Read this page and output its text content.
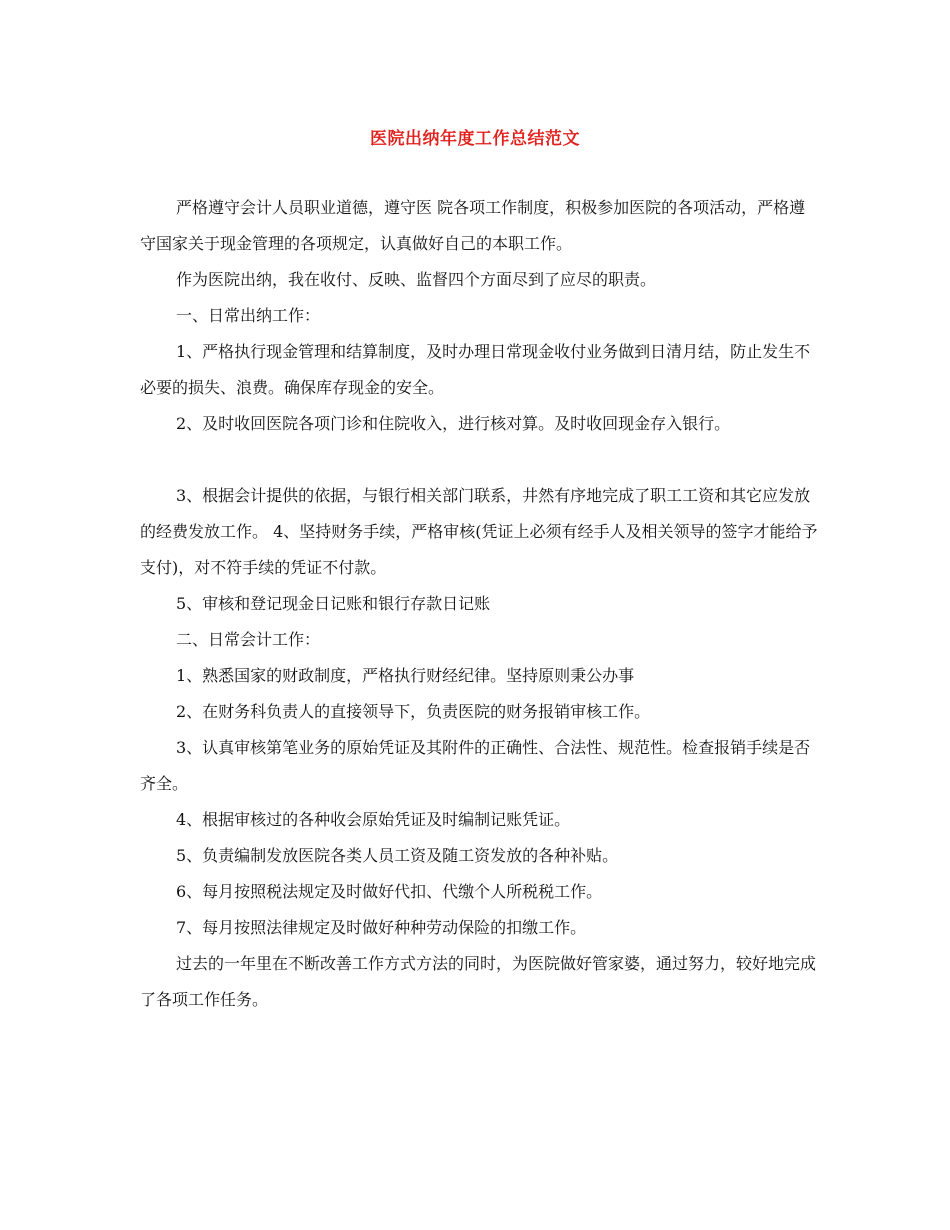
医院出纳年度工作总结范文

严格遵守会计人员职业道德，遵守医 院各项工作制度，积极参加医院的各项活动，严格遵守国家关于现金管理的各项规定，认真做好自己的本职工作。

作为医院出纳，我在收付、反映、监督四个方面尽到了应尽的职责。

一、日常出纳工作：

1、严格执行现金管理和结算制度，及时办理日常现金收付业务做到日清月结，防止发生不 必要的损失、浪费。确保库存现金的安全。

2、及时收回医院各项门诊和住院收入，进行核对算。及时收回现金存入银行。

3、根据会计提供的依据，与银行相关部门联系，井然有序地完成了职工工资和其它应发放的经费发放工作。 4、坚持财务手续，严格审核(凭证上必须有经手人及相关领导的签字才能给予支付)，对不符手续的凭证不付款。

5、审核和登记现金日记账和银行存款日记账

二、日常会计工作：

1、熟悉国家的财政制度，严格执行财经纪律。坚持原则秉公办事

2、在财务科负责人的直接领导下，负责医院的财务报销审核工作。

3、认真审核第笔业务的原始凭证及其附件的正确性、合法性、规范性。检查报销手续是否 齐全。

4、根据审核过的各种收会原始凭证及时编制记账凭证。

5、负责编制发放医院各类人员工资及随工资发放的各种补贴。

6、每月按照税法规定及时做好代扣、代缴个人所税税工作。

7、每月按照法律规定及时做好种种劳动保险的扣缴工作。

过去的一年里在不断改善工作方式方法的同时，为医院做好管家婆，通过努力，较好地完成了各项工作任务。
